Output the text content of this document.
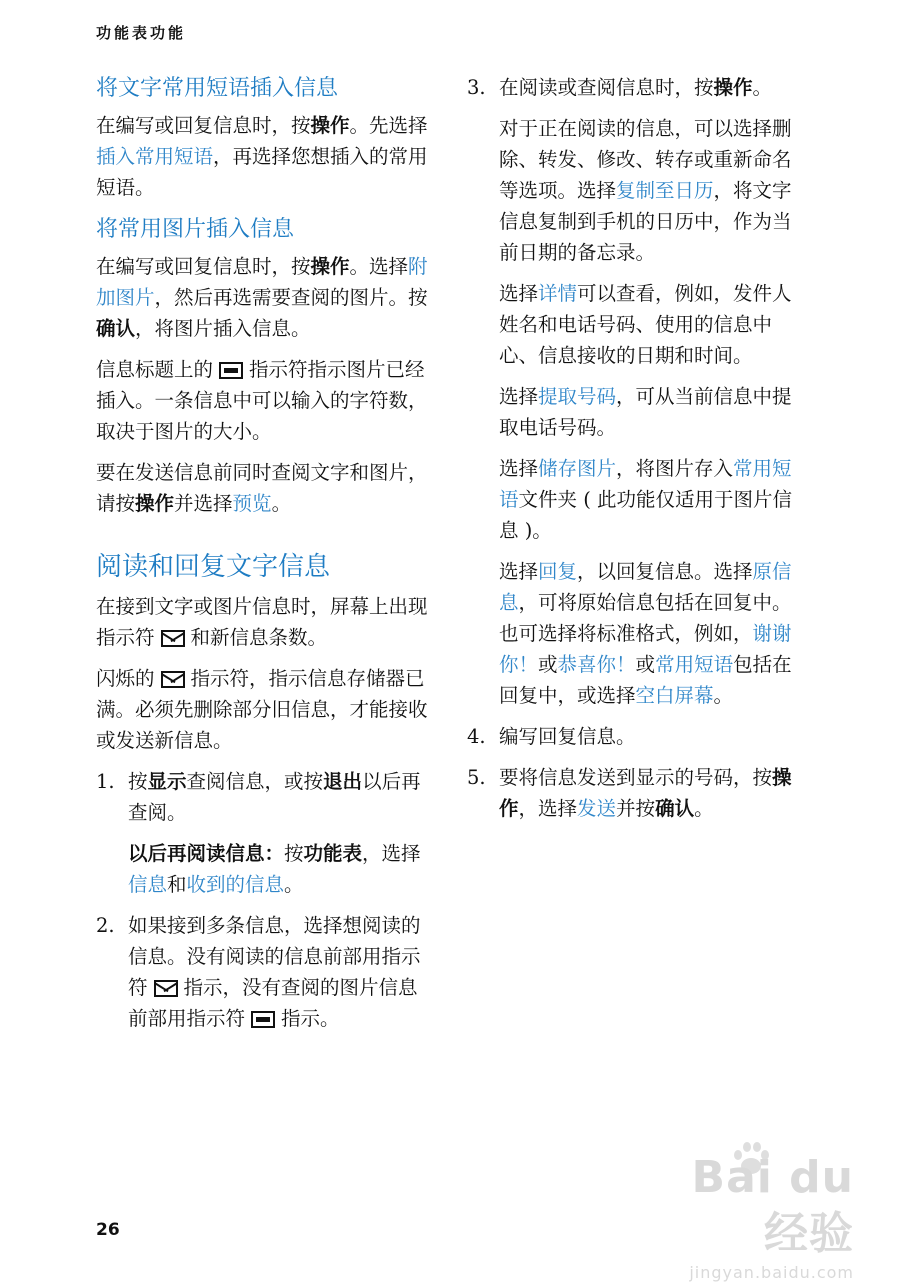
功能表功能
将文字常用短语插入信息

在编写或回复信息时，按操作。先选择插入常用短语，再选择您想插入的常用短语。

将常用图片插入信息

在编写或回复信息时，按操作。选择附加图片，然后再选需要查阅的图片。按确认，将图片插入信息。

信息标题上的 指示符指示图片已经插入。一条信息中可以输入的字符数，取决于图片的大小。

要在发送信息前同时查阅文字和图片，请按操作并选择预览。

阅读和回复文字信息

在接到文字或图片信息时，屏幕上出现指示符 和新信息条数。

闪烁的 指示符，指示信息存储器已满。必须先删除部分旧信息，才能接收或发送新信息。

1. 按显示查阅信息，或按退出以后再查阅。

以后再阅读信息：按功能表，选择信息和收到的信息。

2. 如果接到多条信息，选择想阅读的信息。没有阅读的信息前部用指示符 指示，没有查阅的图片信息前部用指示符 指示。

3. 在阅读或查阅信息时，按操作。

对于正在阅读的信息，可以选择删除、转发、修改、转存或重新命名等选项。选择复制至日历，将文字信息复制到手机的日历中，作为当前日期的备忘录。

选择详情可以查看，例如，发件人姓名和电话号码、使用的信息中心、信息接收的日期和时间。

选择提取号码，可从当前信息中提取电话号码。

选择储存图片，将图片存入常用短语文件夹 ( 此功能仅适用于图片信息 )。

选择回复，以回复信息。选择原信息，可将原始信息包括在回复中。也可选择将标准格式，例如，谢谢你！或恭喜你！或常用短语包括在回复中，或选择空白屏幕。

4. 编写回复信息。

5. 要将信息发送到显示的号码，按操作，选择发送并按确认。

Bai du 经验
jingyan.baidu.com
26
